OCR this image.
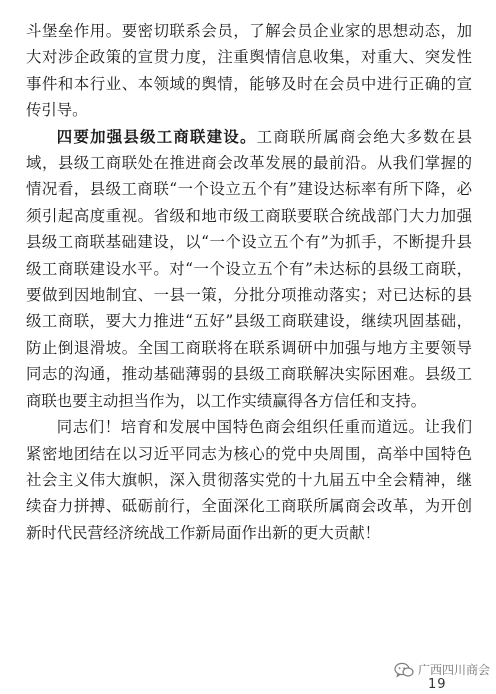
斗堡垒作用。要密切联系会员，了解会员企业家的思想动态，加大对涉企政策的宣贯力度，注重舆情信息收集，对重大、突发性事件和本行业、本领域的舆情，能够及时在会员中进行正确的宣传引导。

四要加强县级工商联建设。工商联所属商会绝大多数在县域，县级工商联处在推进商会改革发展的最前沿。从我们掌握的情况看，县级工商联“一个设立五个有”建设达标率有所下降，必须引起高度重视。省级和地市级工商联要联合统战部门大力加强县级工商联基础建设，以“一个设立五个有”为抓手，不断提升县级工商联建设水平。对“一个设立五个有”未达标的县级工商联，要做到因地制宜、一县一策，分批分项推动落实；对已达标的县级工商联，要大力推进“五好”县级工商联建设，继续巩固基础，防止倒退滑坡。全国工商联将在联系调研中加强与地方主要领导同志的沟通，推动基础薄弱的县级工商联解决实际困难。县级工商联也要主动担当作为，以工作实绩赢得各方信任和支持。

同志们！培育和发展中国特色商会组织任重而道远。让我们紧密地团结在以习近平同志为核心的党中央周围，高举中国特色社会主义伟大旗帜，深入贯彻落实党的十九届五中全会精神，继续奋力拼搏、砥砺前行，全面深化工商联所属商会改革，为开创新时代民营经济统战工作新局面作出新的更大贡献！

广西四川商会
19
